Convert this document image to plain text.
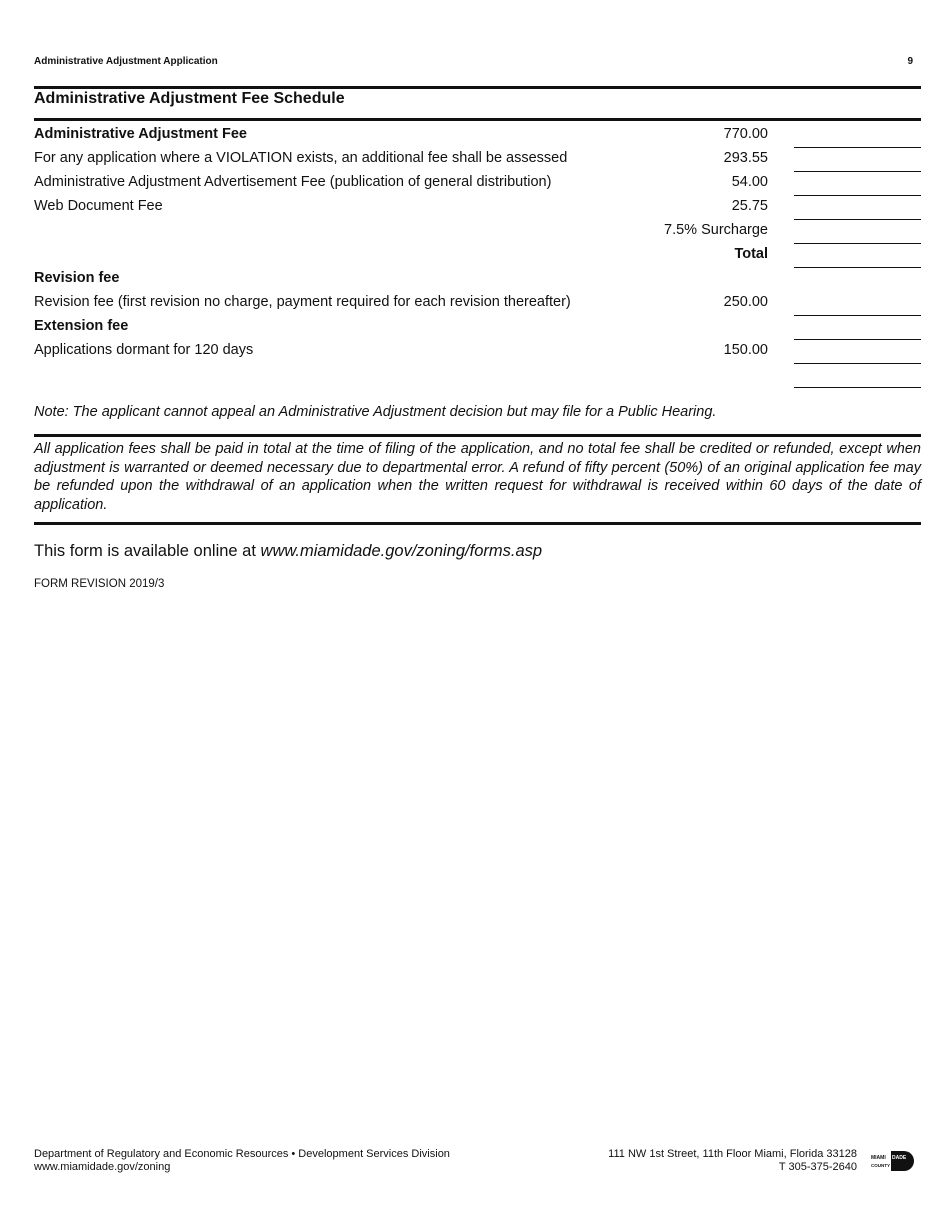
Administrative Adjustment Application	9
Administrative Adjustment Fee Schedule
Administrative Adjustment Fee	770.00
For any application where a VIOLATION exists, an additional fee shall be assessed	293.55
Administrative Adjustment Advertisement Fee (publication of general distribution)	54.00
Web Document Fee	25.75
7.5% Surcharge
Total
Revision fee
Revision fee (first revision no charge, payment required for each revision thereafter)	250.00
Extension fee
Applications dormant for 120 days	150.00
Note: The applicant cannot appeal an Administrative Adjustment decision but may file for a Public Hearing.
All application fees shall be paid in total at the time of filing of the application, and no total fee shall be credited or refunded, except when adjustment is warranted or deemed necessary due to departmental error. A refund of fifty percent (50%) of an original application fee may be refunded upon the withdrawal of an application when the written request for withdrawal is received within 60 days of the date of application.
This form is available online at www.miamidade.gov/zoning/forms.asp
FORM REVISION 2019/3
Department of Regulatory and Economic Resources • Development Services Division
www.miamidade.gov/zoning
111 NW 1st Street, 11th Floor Miami, Florida 33128
T 305-375-2640
MIAMI DADE
COUNTY
